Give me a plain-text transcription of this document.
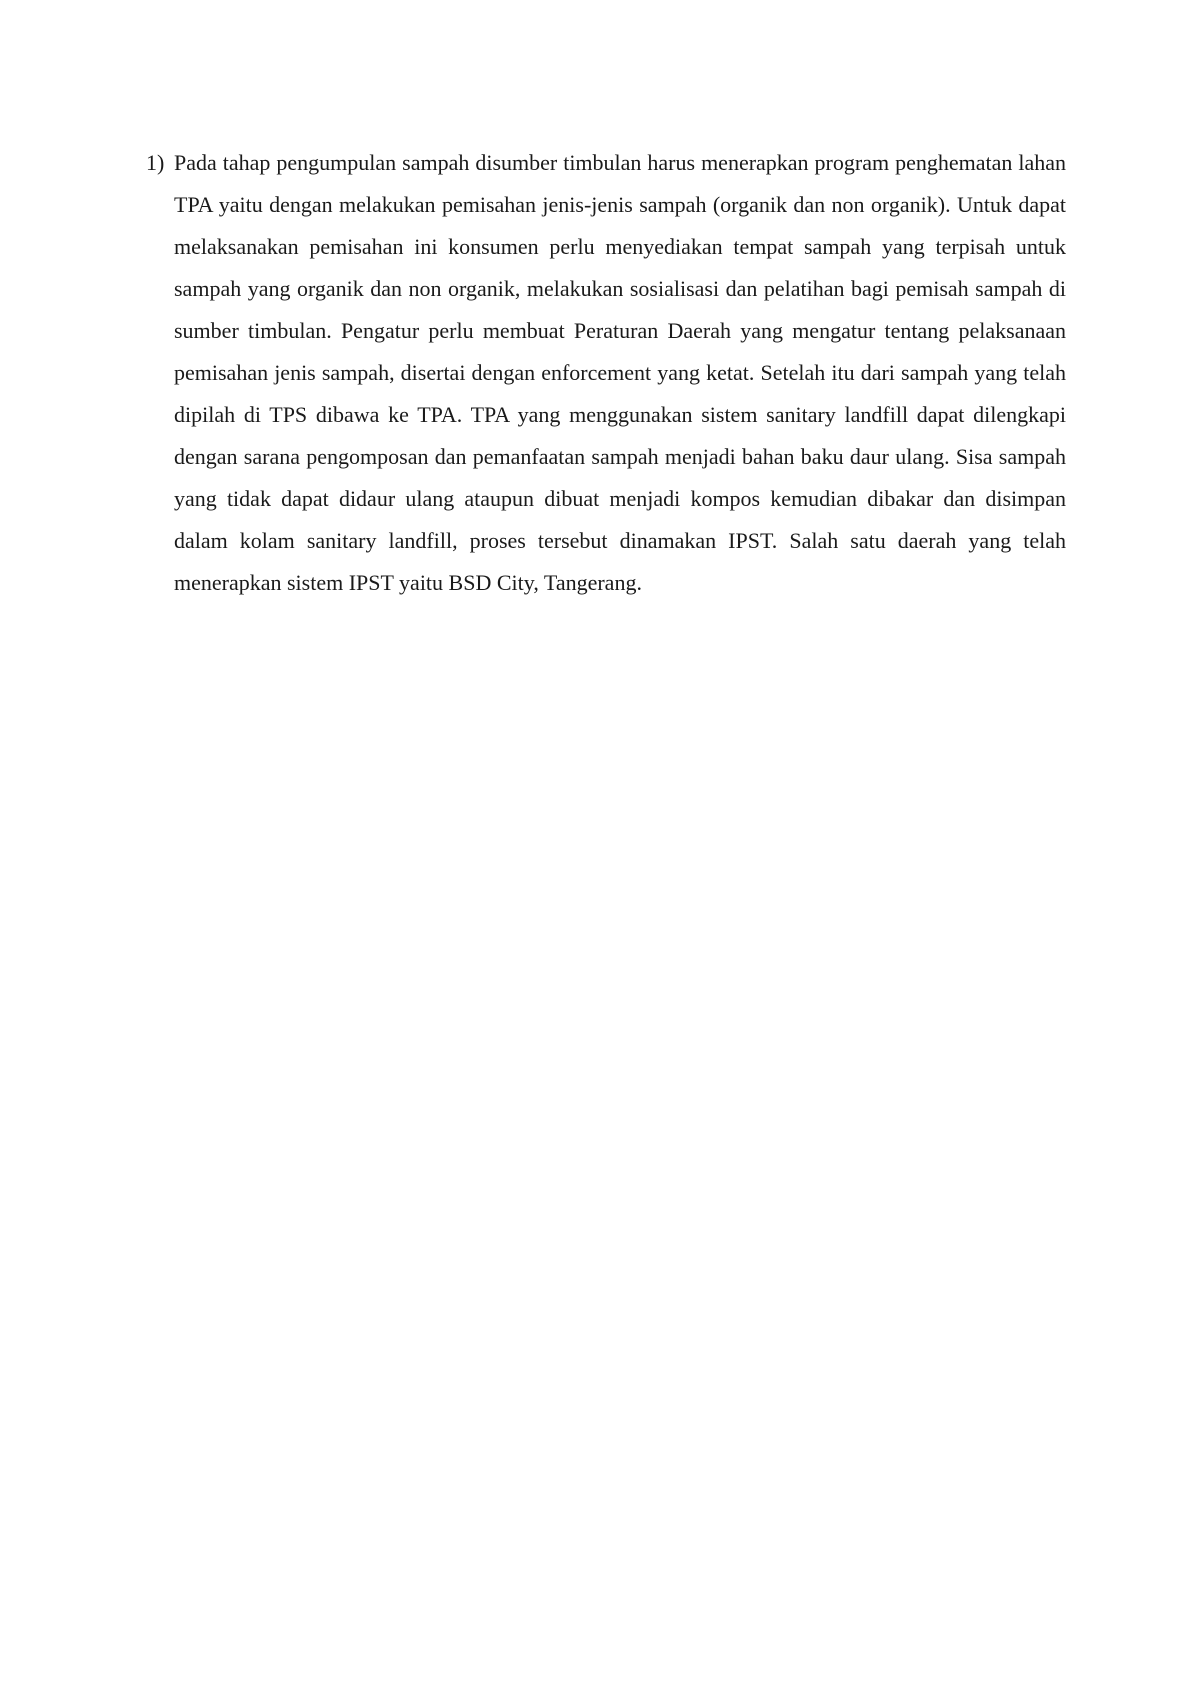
1) Pada tahap pengumpulan sampah disumber timbulan harus menerapkan program penghematan lahan TPA yaitu dengan melakukan pemisahan jenis-jenis sampah (organik dan non organik). Untuk dapat melaksanakan pemisahan ini konsumen perlu menyediakan tempat sampah yang terpisah untuk sampah yang organik dan non organik, melakukan sosialisasi dan pelatihan bagi pemisah sampah di sumber timbulan. Pengatur perlu membuat Peraturan Daerah yang mengatur tentang pelaksanaan pemisahan jenis sampah, disertai dengan enforcement yang ketat. Setelah itu dari sampah yang telah dipilah di TPS dibawa ke TPA. TPA yang menggunakan sistem sanitary landfill dapat dilengkapi dengan sarana pengomposan dan pemanfaatan sampah menjadi bahan baku daur ulang. Sisa sampah yang tidak dapat didaur ulang ataupun dibuat menjadi kompos kemudian dibakar dan disimpan dalam kolam sanitary landfill, proses tersebut dinamakan IPST. Salah satu daerah yang telah menerapkan sistem IPST yaitu BSD City, Tangerang.
